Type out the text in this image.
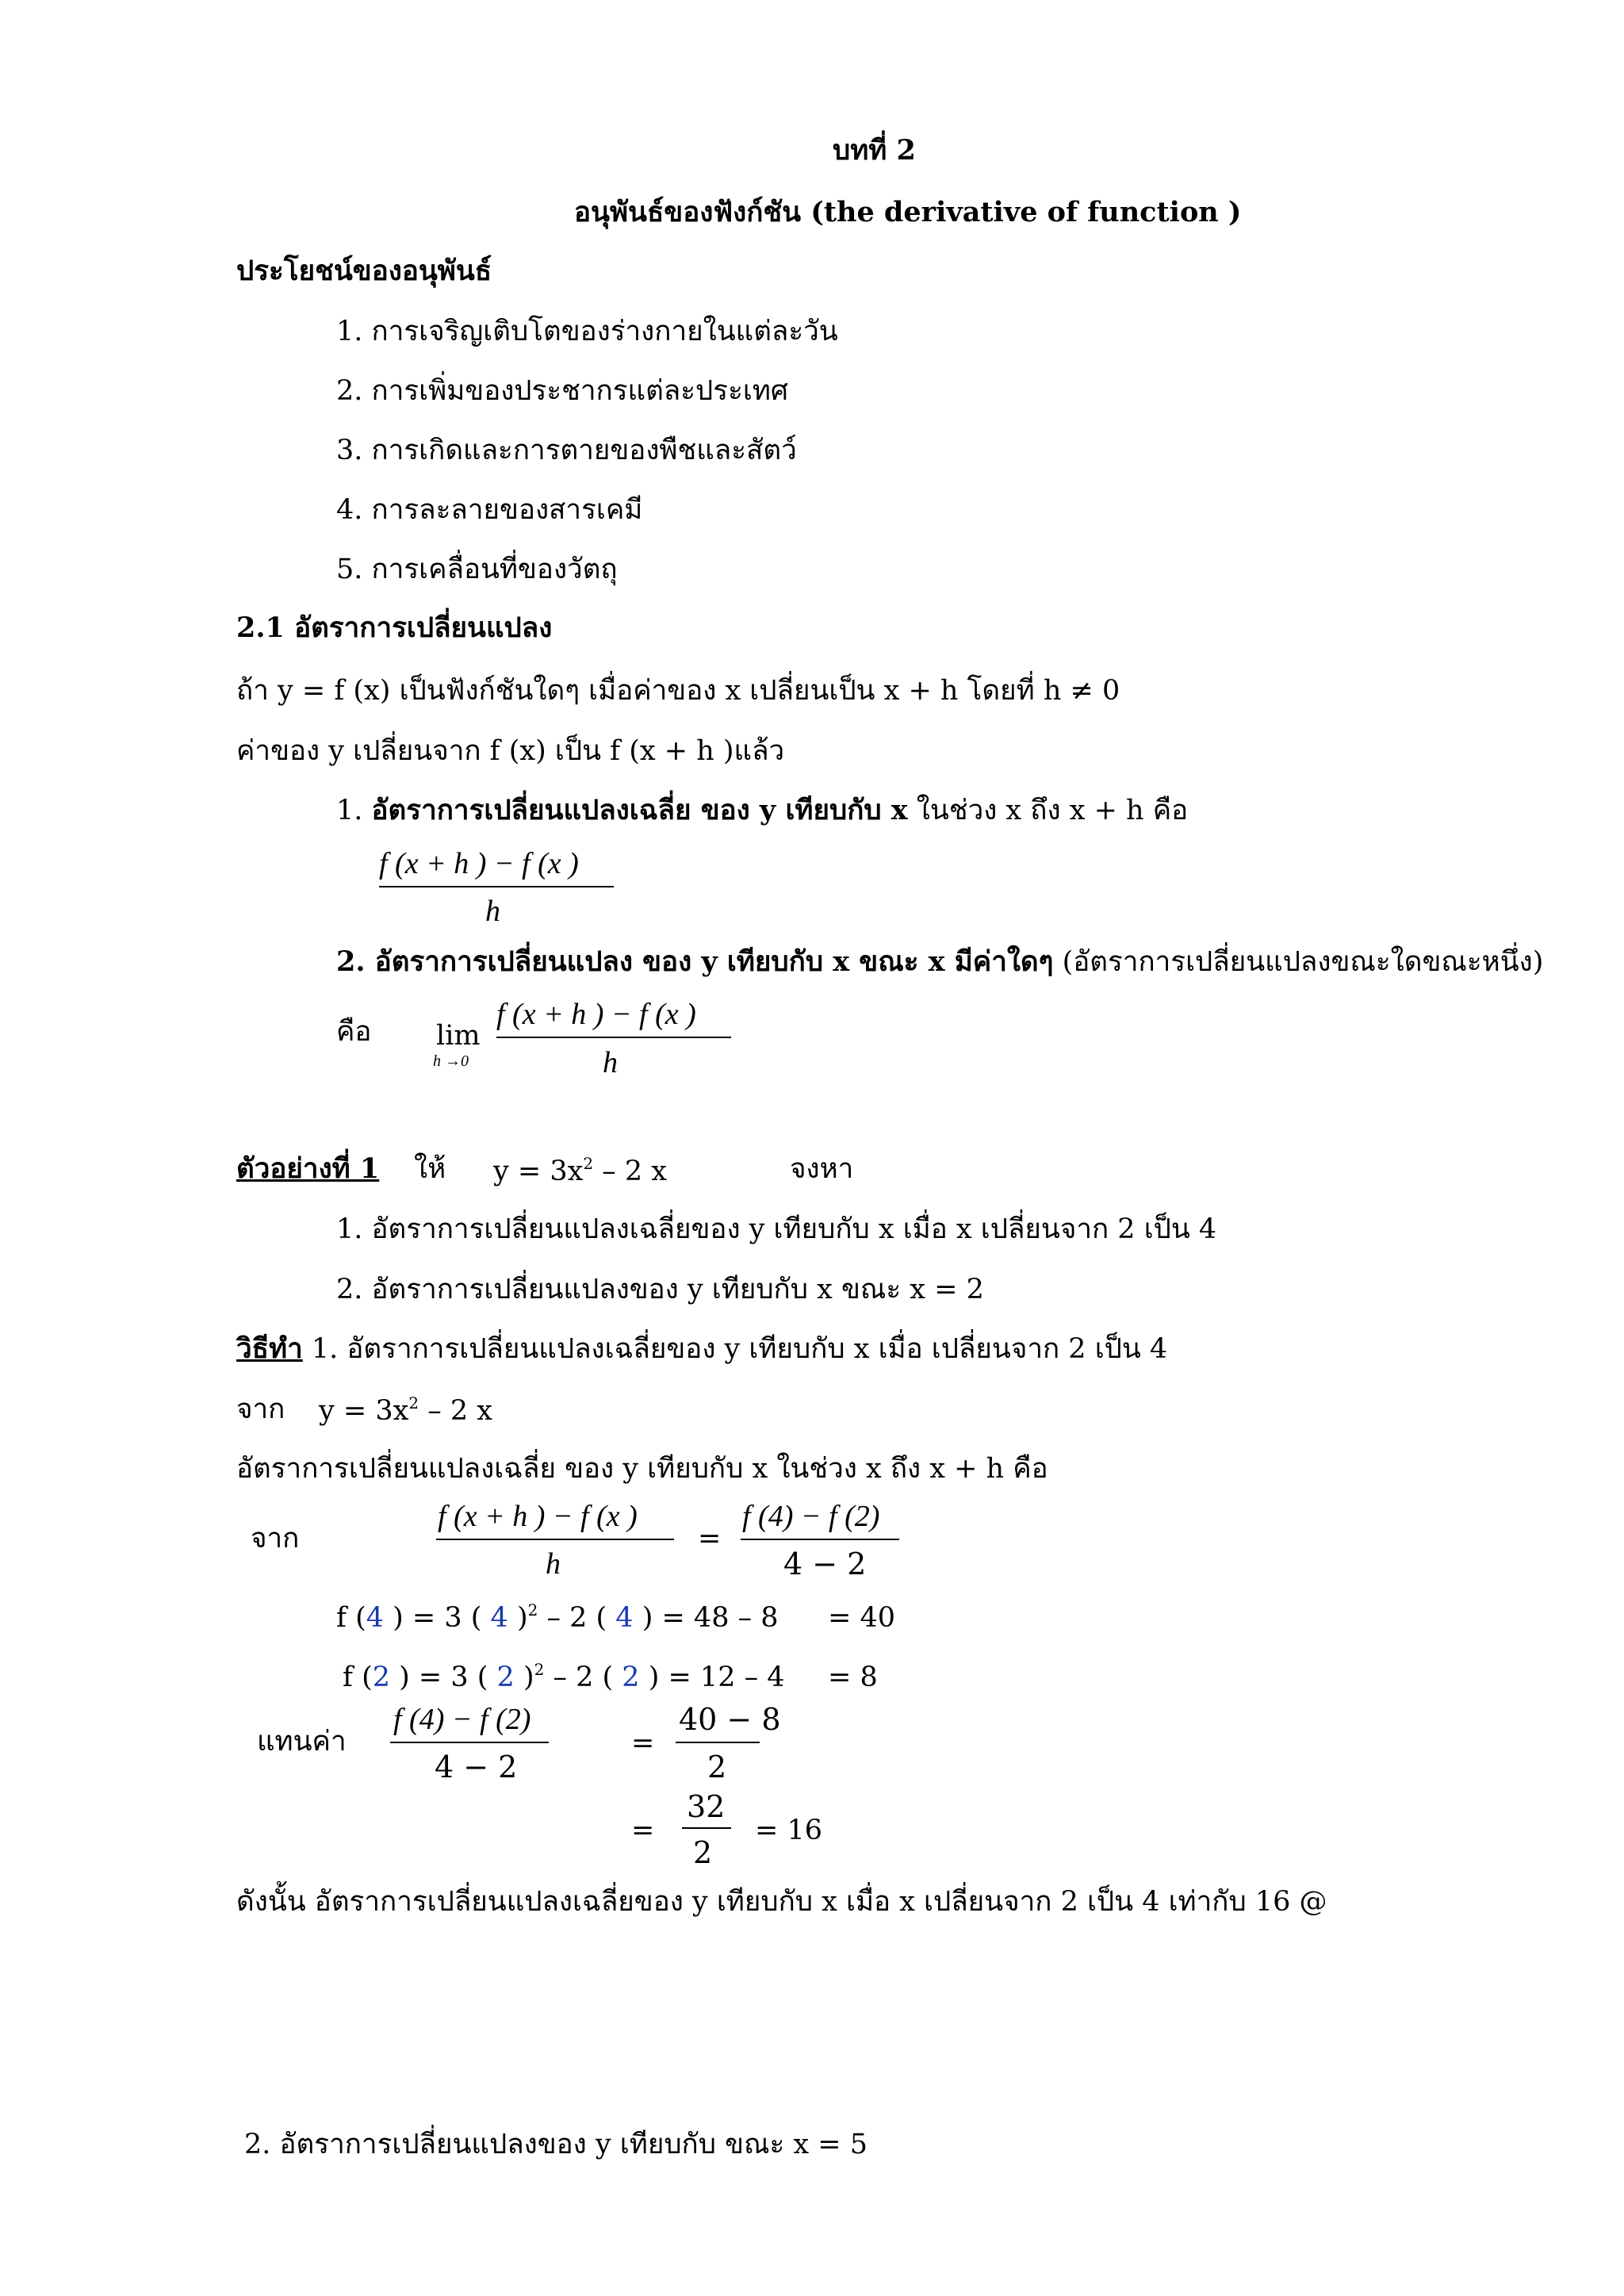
บทที่ 2
อนุพันธ์ของฟังก์ชัน (the derivative of function )
ประโยชน์ของอนุพันธ์
1. การเจริญเติบโตของร่างกายในแต่ละวัน
2. การเพิ่มของประชากรแต่ละประเทศ
3. การเกิดและการตายของพืชและสัตว์
4. การละลายของสารเคมี
5. การเคลื่อนที่ของวัตถุ
2.1 อัตราการเปลี่ยนแปลง
ถ้า y = f (x) เป็นฟังก์ชันใดๆ เมื่อค่าของ x เปลี่ยนเป็น x + h โดยที่ h ≠ 0
ค่าของ y เปลี่ยนจาก f (x) เป็น f (x + h )แล้ว
1. อัตราการเปลี่ยนแปลงเฉลี่ย ของ y เทียบกับ x ในช่วง x ถึง x + h คือ
f (x + h ) − f (x )
h
2. อัตราการเปลี่ยนแปลง ของ y เทียบกับ x ขณะ x มีค่าใดๆ (อัตราการเปลี่ยนแปลงขณะใดขณะหนึ่ง)
คือ lim
h →0
f (x + h ) − f (x )
h
ตัวอย่างที่ 1 ให้ $y = 3x^2 - 2$ x	จงหา
1. อัตราการเปลี่ยนแปลงเฉลี่ยของ y เทียบกับ x เมื่อ x เปลี่ยนจาก 2 เป็น 4
2. อัตราการเปลี่ยนแปลงของ y เทียบกับ x ขณะ x = 2
วิธีทำ 1. อัตราการเปลี่ยนแปลงเฉลี่ยของ y เทียบกับ x เมื่อ เปลี่ยนจาก 2 เป็น 4
จาก $y = 3x^2 - 2$ x
อัตราการเปลี่ยนแปลงเฉลี่ย ของ y เทียบกับ x ในช่วง x ถึง x + h คือ
จาก
f (x + h ) − f (x )
h
=
f (4) − f (2)
4 − 2
f (4 ) = 3 ( 4 )$^2$ – 2 ( 4 ) = 48 – 8 = 40
f (2 ) = 3 ( 2 )$^2$ – 2 ( 2 ) = 12 – 4 = 8
แทนค่า
f (4) − f (2)
4 − 2
=
40 − 8
2
=
32
2
= 16
ดังนั้น อัตราการเปลี่ยนแปลงเฉลี่ยของ y เทียบกับ x เมื่อ x เปลี่ยนจาก 2 เป็น 4 เท่ากับ 16 @
2. อัตราการเปลี่ยนแปลงของ y เทียบกับ ขณะ x = 5
